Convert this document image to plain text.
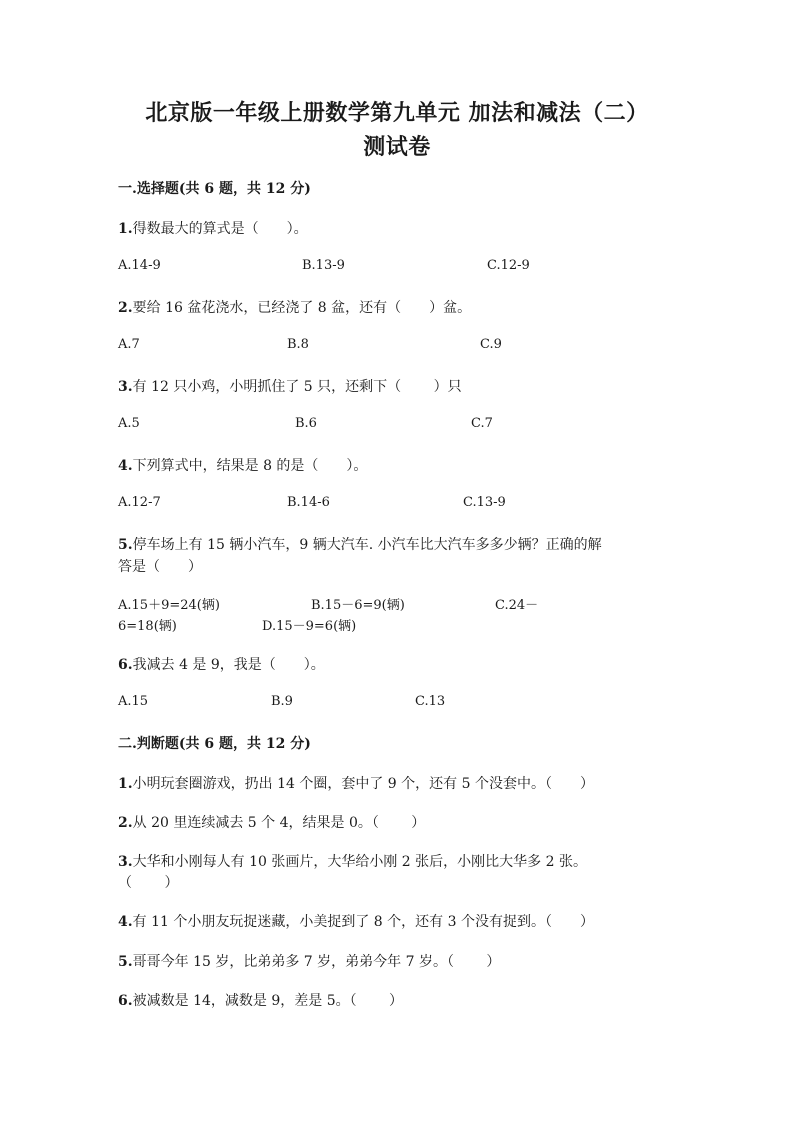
北京版一年级上册数学第九单元 加法和减法（二）
测试卷
一.选择题(共 6 题，共 12 分)
1.得数最大的算式是（　　）。
A.14-9	B.13-9	C.12-9
2.要给 16 盆花浇水，已经浇了 8 盆，还有（　　）盆。
A.7	B.8	C.9
3.有 12 只小鸡，小明抓住了 5 只，还剩下（　　 ）只
A.5	B.6	C.7
4.下列算式中，结果是 8 的是（　　）。
A.12-7	B.14-6	C.13-9
5.停车场上有 15 辆小汽车，9 辆大汽车. 小汽车比大汽车多多少辆？正确的解
答是（　　）
A.15＋9=24(辆)	B.15－6=9(辆)	C.24－
6=18(辆)	D.15－9=6(辆)
6.我减去 4 是 9，我是（　　）。
A.15	B.9	C.13
二.判断题(共 6 题，共 12 分)
1.小明玩套圈游戏，扔出 14 个圈，套中了 9 个，还有 5 个没套中。（　　）
2.从 20 里连续减去 5 个 4，结果是 0。（　　 ）
3.大华和小刚每人有 10 张画片，大华给小刚 2 张后，小刚比大华多 2 张。
（　　 ）
4.有 11 个小朋友玩捉迷藏，小美捉到了 8 个，还有 3 个没有捉到。（　　）
5.哥哥今年 15 岁，比弟弟多 7 岁，弟弟今年 7 岁。（　　 ）
6.被减数是 14，减数是 9，差是 5。（　　 ）
